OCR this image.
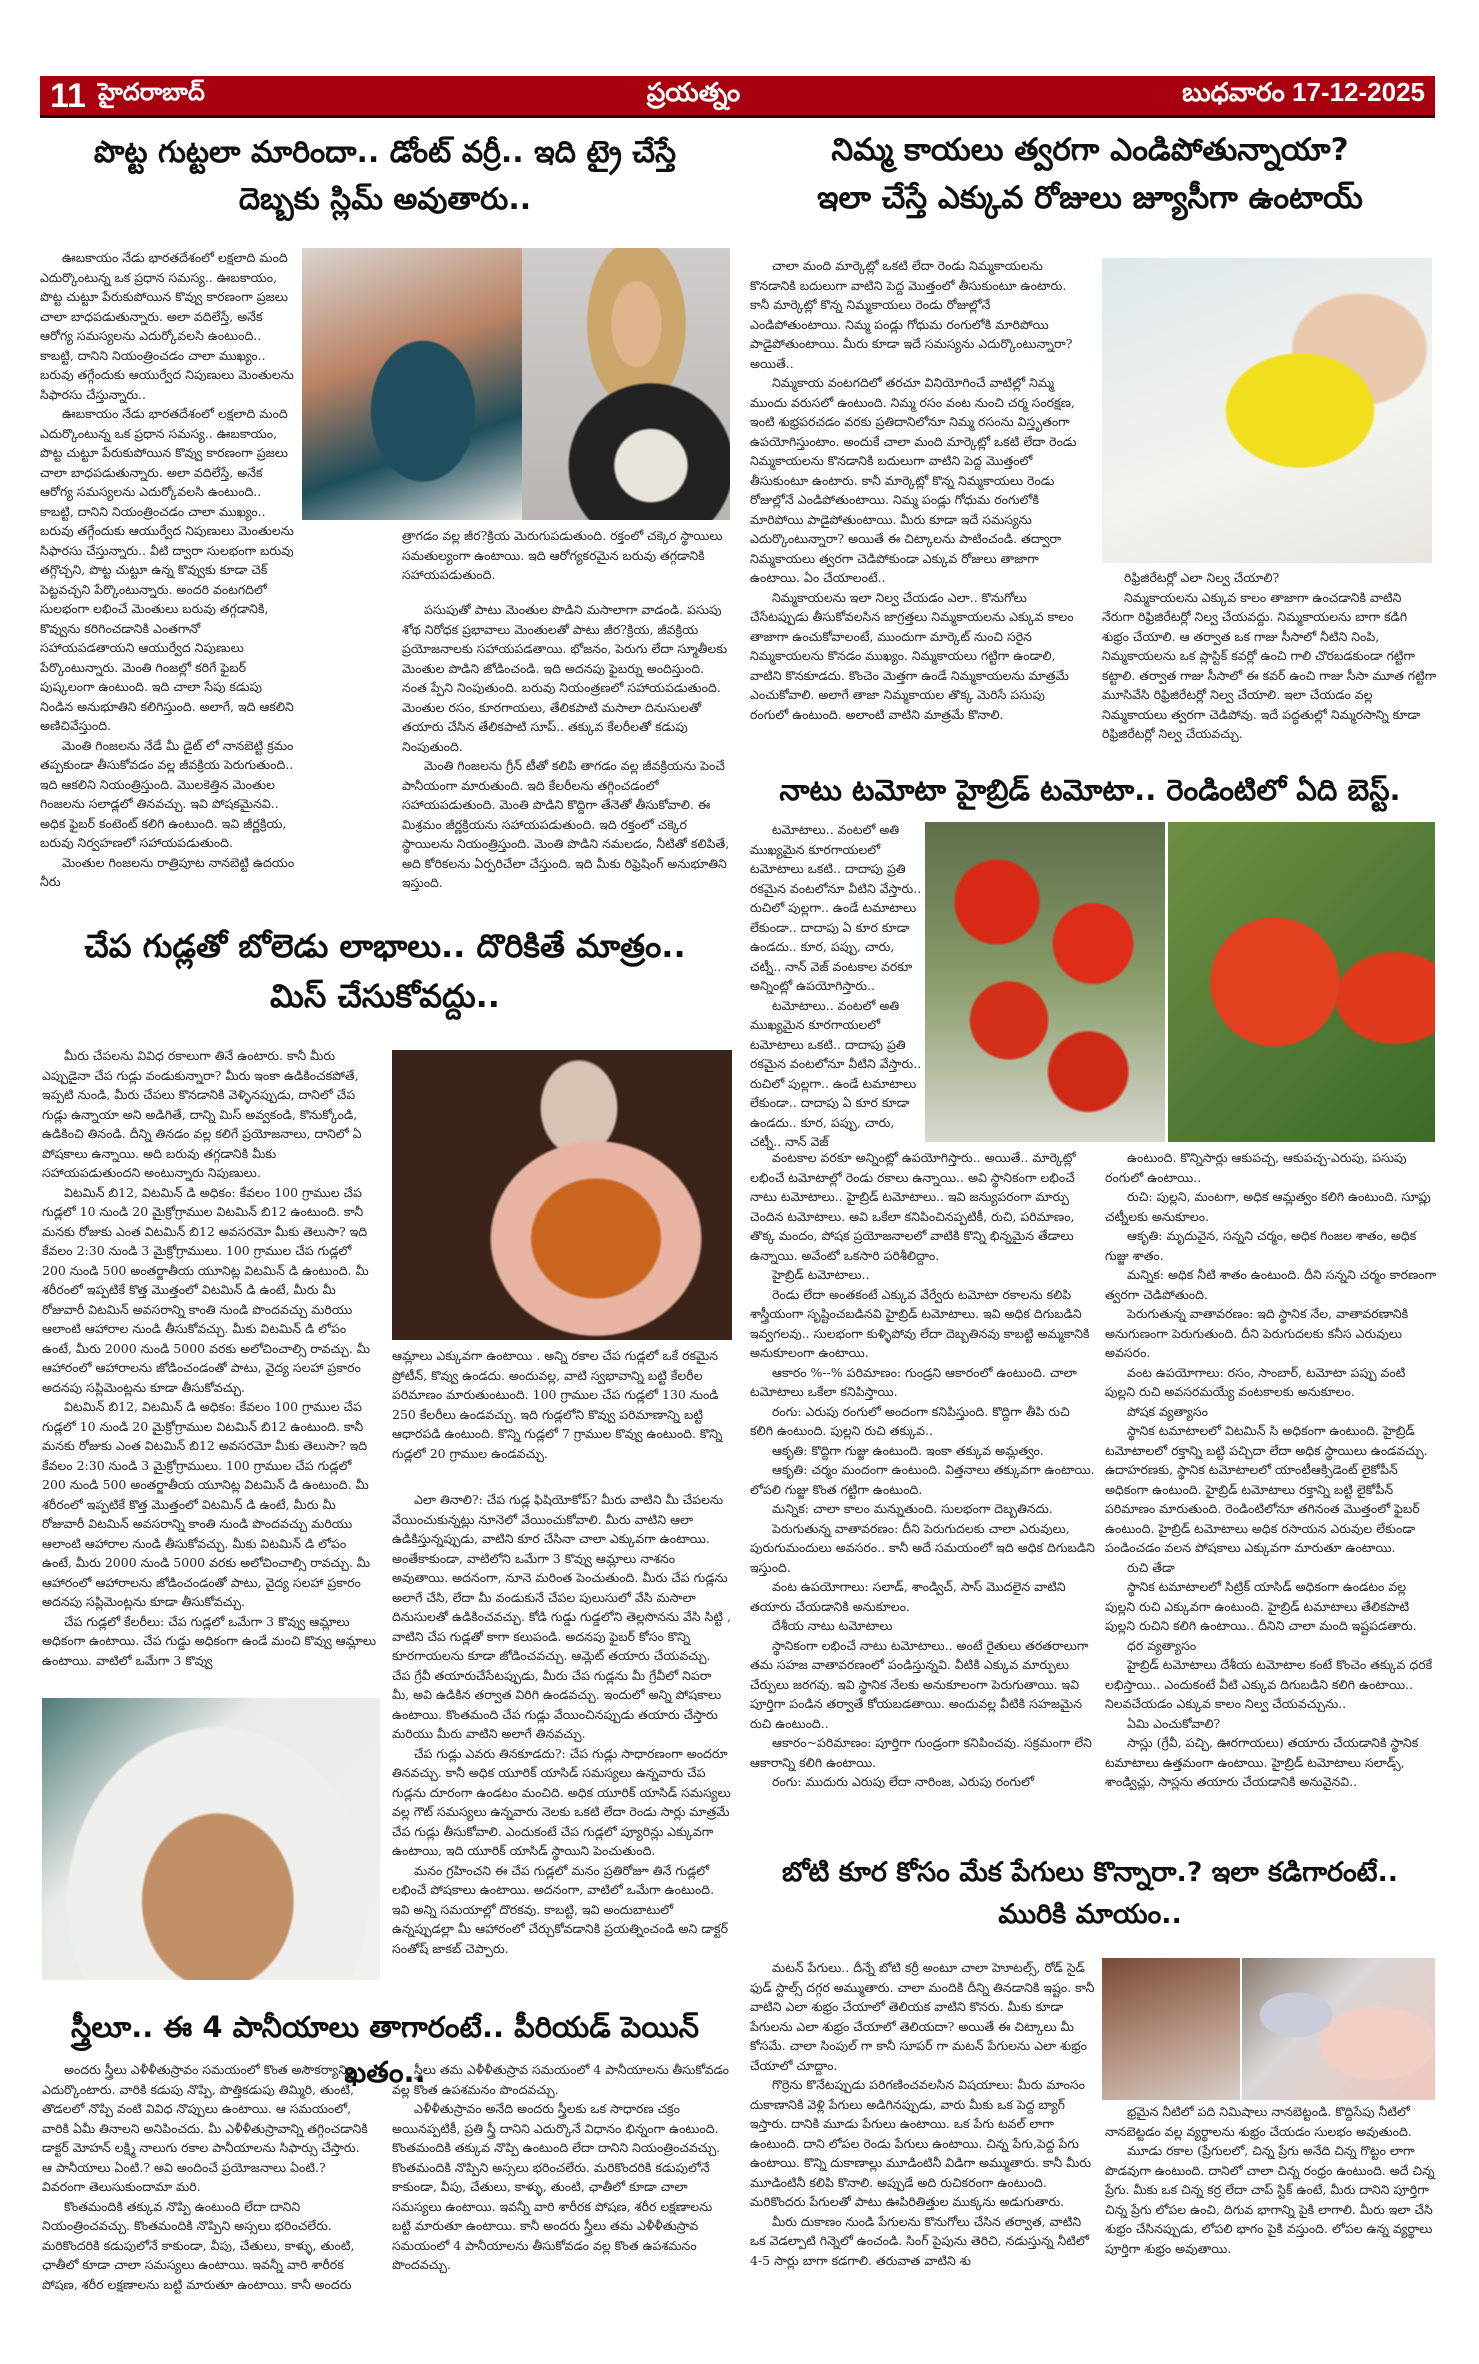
11 హైదరాబాద్	ప్రయత్నం	బుధవారం 17-12-2025
పొట్ట గుట్టలా మారిందా.. డోంట్ వర్రీ.. ఇది ట్రై చేస్తే
దెబ్బకు స్లిమ్ అవుతారు..

ఊబకాయం నేడు భారతదేశంలో లక్షలాది మంది ఎదుర్కొంటున్న ఒక ప్రధాన సమస్య.. ఊబకాయం, పొట్ట చుట్టూ పేరుకుపోయిన కొవ్వు కారణంగా ప్రజలు చాలా బాధపడుతున్నారు. అలా వదిలేస్తే, అనేక ఆరోగ్య సమస్యలను ఎదుర్కోవలసి ఉంటుంది.. కాబట్టి, దానిని నియంత్రించడం చాలా ముఖ్యం.. బరువు తగ్గేందుకు ఆయుర్వేద నిపుణులు మెంతులను సిఫారసు చేస్తున్నారు..

ఊబకాయం నేడు భారతదేశంలో లక్షలాది మంది ఎదుర్కొంటున్న ఒక ప్రధాన సమస్య.. ఊబకాయం, పొట్ట చుట్టూ పేరుకుపోయిన కొవ్వు కారణంగా ప్రజలు చాలా బాధపడుతున్నారు. అలా వదిలేస్తే, అనేక ఆరోగ్య సమస్యలను ఎదుర్కోవలసి ఉంటుంది.. కాబట్టి, దానిని నియంత్రించడం చాలా ముఖ్యం.. బరువు తగ్గేందుకు ఆయుర్వేద నిపుణులు మెంతులను సిఫారసు చేస్తున్నారు.. వీటి ద్వారా సులభంగా బరువు తగ్గొచ్చని, పొట్ట చుట్టూ ఉన్న కొవ్వుకు కూడా చెక్ పెట్టవచ్చని పేర్కొంటున్నారు. అందరి వంటగదిలో సులభంగా లభించే మెంతులు బరువు తగ్గడానికి, కొవ్వును కరిగించడానికి ఎంతగానో సహాయపడతాయని ఆయుర్వేద నిపుణులు పేర్కొంటున్నారు. మెంతి గింజల్లో కరిగే ఫైబర్ పుష్కలంగా ఉంటుంది. ఇది చాలా సేపు కడుపు నిండిన అనుభూతిని కలిగిస్తుంది. అలాగే, ఇది ఆకలిని అణిచివేస్తుంది.

మెంతి గింజలను నేడే మీ డైట్ లో నానబెట్టి క్రమం తప్పకుండా తీసుకోవడం వల్ల జీవక్రియ పెరుగుతుంది.. ఇది ఆకలిని నియంత్రిస్తుంది. మొలకెత్తిన మెంతుల గింజలను సలాడ్లలో తినవచ్చు. ఇవి పోషకమైనవి.. అధిక ఫైబర్ కంటెంట్ కలిగి ఉంటుంది. ఇవి జీర్ణక్రియ, బరువు నిర్వహణలో సహాయపడుతుంది.

మెంతుల గింజలను రాత్రిపూట నానబెట్టి ఉదయం నీరు

త్రాగడం వల్ల జీర?క్రియ మెరుగుపడుతుంది. రక్తంలో చక్కెర స్థాయిలు సమతుల్యంగా ఉంటాయి. ఇది ఆరోగ్యకరమైన బరువు తగ్గడానికి సహాయపడుతుంది.

పసుపుతో పాటు మెంతుల పొడిని మసాలాగా వాడండి. పసుపు శోథ నిరోధక ప్రభావాలు మెంతులతో పాటు జీర?క్రియ, జీవక్రియ ప్రయోజనాలకు సహాయపడతాయి. భోజనం, పెరుగు లేదా స్మూతీలకు మెంతుల పొడిని జోడించండి. ఇది అదనపు ఫైబర్ను అందిస్తుంది. నంత ప్పేని నింపుతుంది. బరువు నియంత్రణలో సహాయపడుతుంది. మెంతుల రసం, కూరగాయలు, తేలికపాటి మసాలా దినుసులతో తయారు చేసిన తేలికపాటి సూప్.. తక్కువ కేలరీలతో కడుపు నింపుతుంది.

మెంతి గింజలను గ్రీన్ టీతో కలిపి తాగడం వల్ల జీవక్రియను పెంచే పానీయంగా మారుతుంది. ఇది కేలరీలను తగ్గించడంలో సహాయపడుతుంది. మెంతి పొడిని కొద్దిగా తేనెతో తీసుకోవాలి. ఈ మిశ్రమం జీర్ణక్రియను సహాయపడుతుంది. ఇది రక్తంలో చక్కెర స్థాయిలను నియంత్రిస్తుంది. మెంతి పొడిని నమలడం, నీటితో కలిపితే, అది కోరికలను ఏర్పరిచేలా చేస్తుంది. ఇది మీకు రిఫ్రెషింగ్ అనుభూతిని ఇస్తుంది.

చేప గుడ్లతో బోలెడు లాభాలు.. దొరికితే మాత్రం..
మిస్ చేసుకోవద్దు..

మీరు చేపలను వివిధ రకాలుగా తినే ఉంటారు. కానీ మీరు ఎప్పుడైనా చేప గుడ్లు వండుకున్నారా? మీరు ఇంకా ఉడికించకపోతే, ఇప్పటి నుండి, మీరు చేపలు కొనడానికి వెళ్ళినప్పుడు, దానిలో చేప గుడ్లు ఉన్నాయా అని అడిగితే, దాన్ని మిస్ అవ్వకండి, కొనుక్కోండి, ఉడికించి తినండి. దీన్ని తినడం వల్ల కలిగే ప్రయోజనాలు, దానిలో ఏ పోషకాలు ఉన్నాయి. అది బరువు తగ్గడానికి మీకు సహాయపడుతుందని అంటున్నారు నిపుణులు.

విటమిన్ బి12, విటమిన్ డి అధికం: కేవలం 100 గ్రాముల చేప గుడ్లలో 10 నుండి 20 మైక్రోగ్రాముల విటమిన్ బి12 ఉంటుంది. కానీ మనకు రోజుకు ఎంత విటమిన్ బి12 అవసరమో మీకు తెలుసా? ఇది కేవలం 2:30 నుండి 3 మైక్రోగ్రాములు. 100 గ్రాముల చేప గుడ్లలో 200 నుండి 500 అంతర్జాతీయ యూనిట్ల విటమిన్ డి ఉంటుంది. మీ శరీరంలో ఇప్పటికే కొత్త మొత్తంలో విటమిన్ డి ఉంటే, మీరు మీ రోజువారీ విటమిన్ అవసరాన్ని కాంతి నుండి పొందవచ్చు మరియు ఆలాంటి ఆహారాల నుండి తీసుకోవచ్చు. మీకు విటమిన్ డి లోపం ఉంటే, మీరు 2000 నుండి 5000 వరకు అలోచించాల్సి రావచ్చు. మీ ఆహారంలో ఆహారాలను జోడించండంతో పాటు, వైద్య సలహా ప్రకారం అదనపు సప్లిమెంట్లను కూడా తీసుకోవచ్చు.

విటమిన్ బి12, విటమిన్ డి అధికం: కేవలం 100 గ్రాముల చేప గుడ్లలో 10 నుండి 20 మైక్రోగ్రాముల విటమిన్ బి12 ఉంటుంది. కానీ మనకు రోజుకు ఎంత విటమిన్ బి12 అవసరమో మీకు తెలుసా? ఇది కేవలం 2:30 నుండి 3 మైక్రోగ్రాములు. 100 గ్రాముల చేప గుడ్లలో 200 నుండి 500 అంతర్జాతీయ యూనిట్ల విటమిన్ డి ఉంటుంది. మీ శరీరంలో ఇప్పటికే కొత్త మొత్తంలో విటమిన్ డి ఉంటే, మీరు మీ రోజువారీ విటమిన్ అవసరాన్ని కాంతి నుండి పొందవచ్చు మరియు ఆలాంటి ఆహారాల నుండి తీసుకోవచ్చు. మీకు విటమిన్ డి లోపం ఉంటే, మీరు 2000 నుండి 5000 వరకు అలోచించాల్సి రావచ్చు. మీ ఆహారంలో ఆహారాలను జోడించండంతో పాటు, వైద్య సలహా ప్రకారం అదనపు సప్లిమెంట్లను కూడా తీసుకోవచ్చు.

చేప గుడ్లలో కేలరీలు: చేప గుడ్లలో ఒమేగా 3 కొవ్వు ఆమ్లాలు అధికంగా ఉంటాయి. చేప గుడ్డు అధికంగా ఉండే మంచి కొవ్వు ఆమ్లాలు ఉంటాయి. వాటిలో ఒమేగా 3 కొవ్వు

ఆమ్లాలు ఎక్కువగా ఉంటాయి . అన్ని రకాల చేప గుడ్లలో ఒకే రకమైన ప్రోటీన్, కొవ్వు ఉండదు. అందువల్ల, వాటి స్వభావాన్ని బట్టి కేలరీల పరిమాణం మారుతుంటుంది. 100 గ్రాముల చేప గుడ్లలో 130 నుండి 250 కేలరీలు ఉండవచ్చు. ఇది గుడ్లలోని కొవ్వు పరిమాణాన్ని బట్టి ఆధారపడి ఉంటుంది. కొన్ని గుడ్లలో 7 గ్రాముల కొవ్వు ఉంటుంది. కొన్ని గుడ్లలో 20 గ్రాముల ఉండవచ్చు.

ఎలా తినాలి?: చేప గుడ్ల ఫిషియోకోప్? మీరు వాటిని మీ చేపలను వేయించుకున్నట్లు నూనెలో వేయించుకోవాలి. మీరు వాటిని ఆలా ఉడికిస్తున్నప్పుడు, వాటిని కూర చేసినా చాలా ఎక్కువగా ఉంటాయి. అంతేకాకుండా, వాటిలోని ఒమేగా 3 కొవ్వు ఆమ్లాలు నాశనం అవుతాయి. అదనంగా, నూనె మరింత పెంచుతుంది. మీరు చేప గుడ్లను అలాగే చేసి, లేదా మీ వండుకునే చేపల పులుసులో వేసి మసాలా దినుసులతో ఉడికించవచ్చు. కోడి గుడ్డు గుడ్డలోని తెల్లసొనను వేసి సిట్టి , వాటిని చేప గుడ్లతో కాగా కలుపండి. అదనపు ఫైబర్ కోసం కొన్ని కూరగాయలను కూడా జోడించవచ్చు. ఆమ్లెట్ తయారు చేయవచ్చు. చేప గ్రేవీ తయారుచేసేటప్పుడు, మీరు చేప గుడ్లను మీ గ్రేవీలో నిపరా మీ, అవి ఉడికిన తర్వాత విరిగి ఉండవచ్చు. ఇందులో అన్ని పోషకాలు ఉంటాయి. కొంతమంది చేప గుడ్లు వేయించినప్పుడు తయారు చేస్తారు మరియు మీరు వాటిని అలాగే తినవచ్చు.

చేప గుడ్లు ఎవరు తినకూడదు?: చేప గుడ్లు సాధారణంగా అందరూ తినవచ్చు. కానీ అధిక యూరిక్ యాసిడ్ సమస్యలు ఉన్నవారు చేప గుడ్లను దూరంగా ఉండటం మంచిది. అధిక యూరిక్ యాసిడ్ సమస్యలు వల్ల గౌట్ సమస్యలు ఉన్నవారు నెలకు ఒకటి లేదా రెండు సార్లు మాత్రమే చేప గుడ్లు తీసుకోవాలి. ఎందుకంటే చేప గుడ్లలో ప్యూరిన్లు ఎక్కువగా ఉంటాయి, ఇది యూరిక్ యాసిడ్ స్థాయిని పెంచుతుంది.

మనం గ్రహించని ఈ చేప గుడ్లలో మనం ప్రతిరోజూ తినే గుడ్లలో లభించే పోషకాలు ఉంటాయి. అదనంగా, వాటిలో ఒమేగా ఉంటుంది. ఇవి అన్ని సమయాల్లో దొరకవు. కాబట్టి, ఇవి అందుబాటులో ఉన్నప్పుడల్లా మీ ఆహారంలో చేర్చుకోవడానికి ప్రయత్నించండి అని డాక్టర్ సంతోష్ జాకబ్ చెప్పారు.

స్త్రీలూ.. ఈ 4 పానీయాలు తాగారంటే.. పీరియడ్ పెయిన్ ఖతం..

అందరు స్త్రీలు ఎళీళీతుస్రావం సమయంలో కొంత అసౌకర్యాన్ని ఎదుర్కొంటారు. వారికి కడుపు నొప్పి, పొత్తికడుపు తిమ్మిరి, తుంటి, తొడలలో నొప్పి వంటి వివిధ నొప్పులు ఉంటాయి. ఆ సమయంలో, వారికి ఏమీ తినాలని అనిపించదు. మీ ఎళీళీతుస్రావాన్ని తగ్గించడానికి డాక్టర్ మోహన్ లక్ష్మి నాలుగు రకాల పానీయాలను సిఫార్సు చేస్తారు. ఆ పానీయాలు ఏంటి.? అవి అందించే ప్రయోజనాలు ఏంటి.? వివరంగా తెలుసుకుందామా మరి.

కొంతమందికి తక్కువ నొప్పి ఉంటుంది లేదా దానిని నియంత్రించవచ్చు. కొంతమందికి నొప్పిని అస్సలు భరించలేరు. మరికొందరికి కడుపులోనే కాకుండా, వీపు, చేతులు, కాళ్ళు, తుంటి, ఛాతీలో కూడా చాలా సమస్యలు ఉంటాయి. ఇవన్నీ వారి శారీరక పోషణ, శరీర లక్షణాలను బట్టి మారుతూ ఉంటాయి. కానీ అందరు

స్త్రీలు తమ ఎళీళీతుస్రావ సమయంలో 4 పానీయాలను తీసుకోవడం వల్ల కొంత ఉపశమనం పొందవచ్చు.

ఎళీళీతుస్రావం అనేది అందరు స్త్రీలకు ఒక సాధారణ చక్రం అయినప్పటికీ, ప్రతి స్త్రీ దానిని ఎదుర్కొనే విధానం భిన్నంగా ఉంటుంది. కొంతమందికి తక్కువ నొప్పి ఉంటుంది లేదా దానిని నియంత్రించవచ్చు. కొంతమందికి నొప్పిని అస్సలు భరించలేరు. మరికొందరికి కడుపులోనే కాకుండా, వీపు, చేతులు, కాళ్ళు, తుంటి, ఛాతీలో కూడా చాలా సమస్యలు ఉంటాయి. ఇవన్నీ వారి శారీరక పోషణ, శరీర లక్షణాలను బట్టి మారుతూ ఉంటాయి. కానీ అందరు స్త్రీలు తమ ఎళీళీతుస్రావ సమయంలో 4 పానీయాలను తీసుకోవడం వల్ల కొంత ఉపశమనం పొందవచ్చు.

నిమ్మ కాయలు త్వరగా ఎండిపోతున్నాయా?
ఇలా చేస్తే ఎక్కువ రోజులు జ్యూసీగా ఉంటాయ్

చాలా మంది మార్కెట్లో ఒకటి లేదా రెండు నిమ్మకాయలను కొనడానికి బదులుగా వాటిని పెద్ద మొత్తంలో తీసుకుంటూ ఉంటారు. కానీ మార్కెట్లో కొన్న నిమ్మకాయలు రెండు రోజుల్లోనే ఎండిపోతుంటాయి. నిమ్మ పండ్లు గోధుమ రంగులోకి మారిపోయి పాడైపోతుంటాయి. మీరు కూడా ఇదే సమస్యను ఎదుర్కొంటున్నారా? అయితే..

నిమ్మకాయ వంటగదిలో తరచూ వినియోగించే వాటిల్లో నిమ్మ ముందు వరుసలో ఉంటుంది. నిమ్మ రసం వంట నుంచి చర్మ సంరక్షణ, ఇంటి శుభ్రపరచడం వరకు ప్రతిదానిలోనూ నిమ్మ రసంను విస్తృతంగా ఉపయోగిస్తుంటాం. అందుకే చాలా మంది మార్కెట్లో ఒకటి లేదా రెండు నిమ్మకాయలను కొనడానికి బదులుగా వాటిని పెద్ద మొత్తంలో తీసుకుంటూ ఉంటారు. కానీ మార్కెట్లో కొన్న నిమ్మకాయలు రెండు రోజుల్లోనే ఎండిపోతుంటాయి. నిమ్మ పండ్లు గోధుమ రంగులోకి మారిపోయి పాడైపోతుంటాయి. మీరు కూడా ఇదే సమస్యను ఎదుర్కొంటున్నారా? అయితే ఈ చిట్కాలను పాటించండి. తద్వారా నిమ్మకాయలు త్వరగా చెడిపోకుండా ఎక్కువ రోజులు తాజాగా ఉంటాయి. ఏం చేయాలంటే..

నిమ్మకాయలను ఇలా నిల్వ చేయడం ఎలా.. కొనుగోలు చేసేటప్పుడు తీసుకోవలసిన జాగ్రత్తలు నిమ్మకాయలను ఎక్కువ కాలం తాజాగా ఉంచుకోవాలంటే, ముందుగా మార్కెట్ నుంచి సరైన నిమ్మకాయలను కొనడం ముఖ్యం. నిమ్మకాయలు గట్టిగా ఉండాలి, వాటిని కొనకూడదు. కొంచెం మెత్తగా ఉండే నిమ్మకాయలను మాత్రమే ఎంచుకోవాలి. అలాగే తాజా నిమ్మకాయల తొక్క మెరిసే పసుపు రంగులో ఉంటుంది. అలాంటి వాటిని మాత్రమే కొనాలి.

రిఫ్రిజిరేటర్లో ఎలా నిల్వ చేయాలి?

నిమ్మకాయలను ఎక్కువ కాలం తాజాగా ఉంచడానికి వాటిని నేరుగా రిఫ్రిజిరేటర్లో నిల్వ చేయవద్దు. నిమ్మకాయలను బాగా కడిగి శుభ్రం చేయాలి. ఆ తర్వాత ఒక గాజు సీసాలో నీటిని నింపి, నిమ్మకాయలను ఒక ప్లాస్టిక్ కవర్లో ఉంచి గాలి చొరబడకుండా గట్టిగా కట్టాలి. తర్వాత గాజు సీసాలో ఈ కవర్ ఉంచి గాజు సీసా మూత గట్టిగా మూసివేసి రిఫ్రిజిరేటర్లో నిల్వ చేయాలి. ఇలా చేయడం వల్ల నిమ్మకాయలు త్వరగా చెడిపోవు. ఇదే పద్ధతుల్లో నిమ్మరసాన్ని కూడా రిఫ్రిజిరేటర్లో నిల్వ చేయవచ్చు.

నాటు టమోటా హైబ్రిడ్ టమోటా.. రెండింటిలో ఏది బెస్ట్.

టమోటాలు.. వంటలో అతి ముఖ్యమైన కూరగాయలలో టమోటాలు ఒకటి.. దాదాపు ప్రతి రకమైన వంటలోనూ వీటిని వేస్తారు.. రుచిలో పుల్లగా.. ఉండే టమాటాలు లేకుండా.. దాదాపు ఏ కూర కూడా ఉండదు.. కూర, పప్పు, చారు, చట్నీ.. నాన్ వెజ్ వంటకాల వరకూ అన్నింట్లో ఉపయోగిస్తారు..

టమోటాలు.. వంటలో అతి ముఖ్యమైన కూరగాయలలో టమోటాలు ఒకటి.. దాదాపు ప్రతి రకమైన వంటలోనూ వీటిని వేస్తారు.. రుచిలో పుల్లగా.. ఉండే టమాటాలు లేకుండా.. దాదాపు ఏ కూర కూడా ఉండదు.. కూర, పప్పు, చారు, చట్నీ.. నాన్ వెజ్

వంటకాల వరకూ అన్నింట్లో ఉపయోగిస్తారు.. అయితే.. మార్కెట్లో లభించే టమోటాల్లో రెండు రకాలు ఉన్నాయి.. అవి స్థానికంగా లభించే నాటు టమోటాలు.. హైబ్రిడ్ టమోటాలు.. ఇవి జన్యుపరంగా మార్పు చెందిన టమోటాలు. అవి ఒకేలా కనిపించినప్పటికీ, రుచి, పరిమాణం, తొక్క మందం, పోషక ప్రయోజనాలలో వాటికి కొన్ని భిన్నమైన తేడాలు ఉన్నాయి. అవేంటో ఒకసారి పరిశీలిద్దాం.

హైబ్రిడ్ టమోటాలు..

రెండు లేదా అంతకంటే ఎక్కువ వేర్వేరు టమోటా రకాలను కలిపి శాస్త్రీయంగా సృష్టించబడినవి హైబ్రిడ్ టమోటాలు. ఇవి అధిక దిగుబడిని ఇవ్వగలవు.. సులభంగా కుళ్ళిపోవు లేదా దెబ్బతినవు కాబట్టి అమ్మకానికి అనుకూలంగా ఉంటాయి.

ఆకారం %--% పరిమాణం: గుండ్రని ఆకారంలో ఉంటుంది. చాలా టమోటాలు ఒకేలా కనిపిస్తాయి.

రంగు: ఎరుపు రంగులో అందంగా కనిపిస్తుంది. కొద్దిగా తీపి రుచి కలిగి ఉంటుంది. పుల్లని రుచి తక్కువ..

ఆకృతి: కొద్దిగా గుజ్జు ఉంటుంది. ఇంకా తక్కువ అమ్లత్వం.

ఆకృతి: చర్మం మందంగా ఉంటుంది. విత్తనాలు తక్కువగా ఉంటాయి. లోపలి గుజ్జు కొంత గట్టిగా ఉంటుంది.

మన్నిక: చాలా కాలం మన్నుతుంది. సులభంగా దెబ్బతినదు.

పెరుగుతున్న వాతావరణం: దీని పెరుగుదలకు చాలా ఎరువులు, పురుగుమందులు అవసరం.. కానీ అదే సమయంలో ఇది అధిక దిగుబడిని ఇస్తుంది.

వంట ఉపయోగాలు: సలాడ్, శాండ్విచ్, సాస్ మొదలైన వాటిని తయారు చేయడానికి అనుకూలం.

దేశీయ నాటు టమోటాలు

స్థానికంగా లభించే నాటు టమోటాలు.. అంటే రైతులు తరతరాలుగా తమ సహజ వాతావరణంలో పండిస్తున్నవి. వీటికి ఎక్కువ మార్పులు చేర్పులు జరగవు. ఇవి స్థానిక నేలకు అనుకూలంగా పెరుగుతాయి. ఇవి పూర్తిగా పండిన తర్వాతే కోయబడతాయి. అందువల్ల వీటికి సహజమైన రుచి ఉంటుంది..

ఆకారం~పరిమాణం: పూర్తిగా గుండ్రంగా కనిపించవు. సక్రమంగా లేని ఆకారాన్ని కలిగి ఉంటాయి.

రంగు: ముదురు ఎరుపు లేదా నారింజ, ఎరుపు రంగులో

ఉంటుంది. కొన్నిసార్లు ఆకుపచ్చ, ఆకుపచ్చ-ఎరుపు, పసుపు రంగులో ఉంటాయి..

రుచి: పుల్లని, మంటగా, అధిక ఆమ్లత్వం కలిగి ఉంటుంది. సూప్లు చట్నీలకు అనుకూలం.

ఆకృతి: మృదువైన, సన్నని చర్మం, అధిక గింజల శాతం, అధిక గుజ్జు శాతం.

మన్నిక: అధిక నీటి శాతం ఉంటుంది. దీని సన్నని చర్మం కారణంగా త్వరగా చెడిపోతుంది.

పెరుగుతున్న వాతావరణం: ఇది స్థానిక నేల, వాతావరణానికి అనుగుణంగా పెరుగుతుంది. దీని పెరుగుదలకు కనీస ఎరువులు అవసరం.

వంట ఉపయోగాలు: రసం, సాంబార్, టమోటా పప్పు వంటి పుల్లని రుచి అవసరమయ్యే వంటకాలకు అనుకూలం.

పోషక వ్యత్యాసం

స్థానిక టమాటాలలో విటమిన్ సి అధికంగా ఉంటుంది. హైబ్రిడ్ టమోటాలలో రక్తాన్ని బట్టి పచ్చిదా లేదా అధిక స్థాయిలు ఉండవచ్చు. ఉదాహరణకు, స్థానిక టమోటాలలో యాంటీఆక్సిడెంట్ లైకోపీన్ అధికంగా ఉంటుంది. హైబ్రిడ్ టమోటాలు రక్తాన్ని బట్టి లైకోపీన్ పరిమాణం మారుతుంది. రెండింటిలోనూ తగినంత మొత్తంలో ఫైబర్ ఉంటుంది. హైబ్రిడ్ టమోటాలు అధిక రసాయన ఎరువుల లేకుండా పండించడం వలన పోషకాలు ఎక్కువగా మారుతూ ఉంటాయి.

రుచి తేడా

స్థానిక టమాటాలలో సిట్రిక్ యాసిడ్ అధికంగా ఉండటం వల్ల పుల్లని రుచి ఎక్కువగా ఉంటుంది. హైబ్రిడ్ టమాటాలు తేలికపాటి పుల్లని రుచిని కలిగి ఉంటాయి.. దీనిని చాలా మంది ఇష్టపడతారు.

ధర వ్యత్యాసం

హైబ్రిడ్ టమోటాలు దేశీయ టమోటాల కంటే కొంచెం తక్కువ ధరకే లభిస్తాయి.. ఎందుకంటే వీటి ఎక్కువ దిగుబడిని కలిగి ఉంటాయి.. నిలవచేయడం ఎక్కువ కాలం నిల్వ చేయవచ్చును..

ఏమి ఎంచుకోవాలి?

సాస్లు (గ్రేవీ, పచ్చి, ఊరగాయలు) తయారు చేయడానికి స్థానిక టమాటాలు ఉత్తమంగా ఉంటాయి. హైబ్రిడ్ టమోటాలు సలాడ్స్, శాండ్విచ్లు, సాస్లను తయారు చేయడానికి అనువైనవి..

బోటి కూర కోసం మేక పేగులు కొన్నారా.? ఇలా కడిగారంటే..
మురికి మాయం..

మటన్ పేగులు.. దీన్నే బోటి కర్రీ అంటూ చాలా హెూటల్స్, రోడ్ సైడ్ ఫుడ్ స్టాల్స్ దగ్గర అమ్ముతారు. చాలా మందికి దీన్ని తినడానికి ఇష్టం. కానీ వాటిని ఎలా శుభ్రం చేయాలో తెలియక వాటిని కొనరు. మీకు కూడా పేగులను ఎలా శుభ్రం చేయాలో తెలియదా? అయితే ఈ చిట్కాలు మీ కోసమే. చాలా సింపుల్ గా కానీ సూపర్ గా మటన్ పేగులను ఎలా శుభ్రం చేయాలో చూద్దాం.

గొర్రెను కొనేటప్పుడు పరిగణించవలసిన విషయాలు: మీరు మాంసం దుకాణానికి వెళ్లి పేగులు అడిగినప్పుడు, వారు మీకు ఒక పెద్ద బ్యాగ్ ఇస్తారు. దానికి మూడు పేగులు ఉంటాయి. ఒక పేగు టవల్ లాగా ఉంటుంది. దాని లోపల రెండు పేగులు ఉంటాయి. చిన్న పేగు,పెద్ద పేగు ఉంటాయి. కొన్ని దుకాణాల్లు మూడింటినీ విడిగా అమ్ముతారు. కానీ మీరు మూడింటినీ కలిపి కొనాలి. అప్పుడే అది రుచికరంగా ఉంటుంది. మరికొందరు పేగులతో పాటు ఊపిరితిత్తుల ముక్కను అడుగుతారు.

మీరు దుకాణం నుండి పేగులను కొనుగోలు చేసిన తర్వాత, వాటిని ఒక వెడల్పాటి గిన్నెలో ఉంచండి. సింగ్ పైపును తెరిచి, నడుస్తున్న నీటిలో 4-5 సార్లు బాగా కడగాలి. తరువాత వాటిని శు

భ్రమైన నీటిలో పది నిమిషాలు నానబెట్టండి. కొద్దిసేపు నీటిలో నానబెట్టడం వల్ల వ్యర్థాలను శుభ్రం చేయడం సులభం అవుతుంది.

మూడు రకాల (ప్రేగులలో, చిన్న ప్రేగు అనేది చిన్న గొట్టం లాగా పొడవుగా ఉంటుంది. దానిలో చాలా చిన్న రంధ్రం ఉంటుంది. అదే చిన్న ప్రేగు. మీకు ఒక చిన్న కర్ర లేదా చాప్ స్టిక్ ఉంటే, మీరు దానిని పూర్తిగా చిన్న ప్రేగు లోపల ఉంచి, దిగువ భాగాన్ని పైకి లాగాలి. మీరు ఇలా చేసి శుభ్రం చేసినప్పుడు, లోపలి భాగం పైకి వస్తుంది. లోపల ఉన్న వ్యర్థాలు పూర్తిగా శుభ్రం అవుతాయి.
